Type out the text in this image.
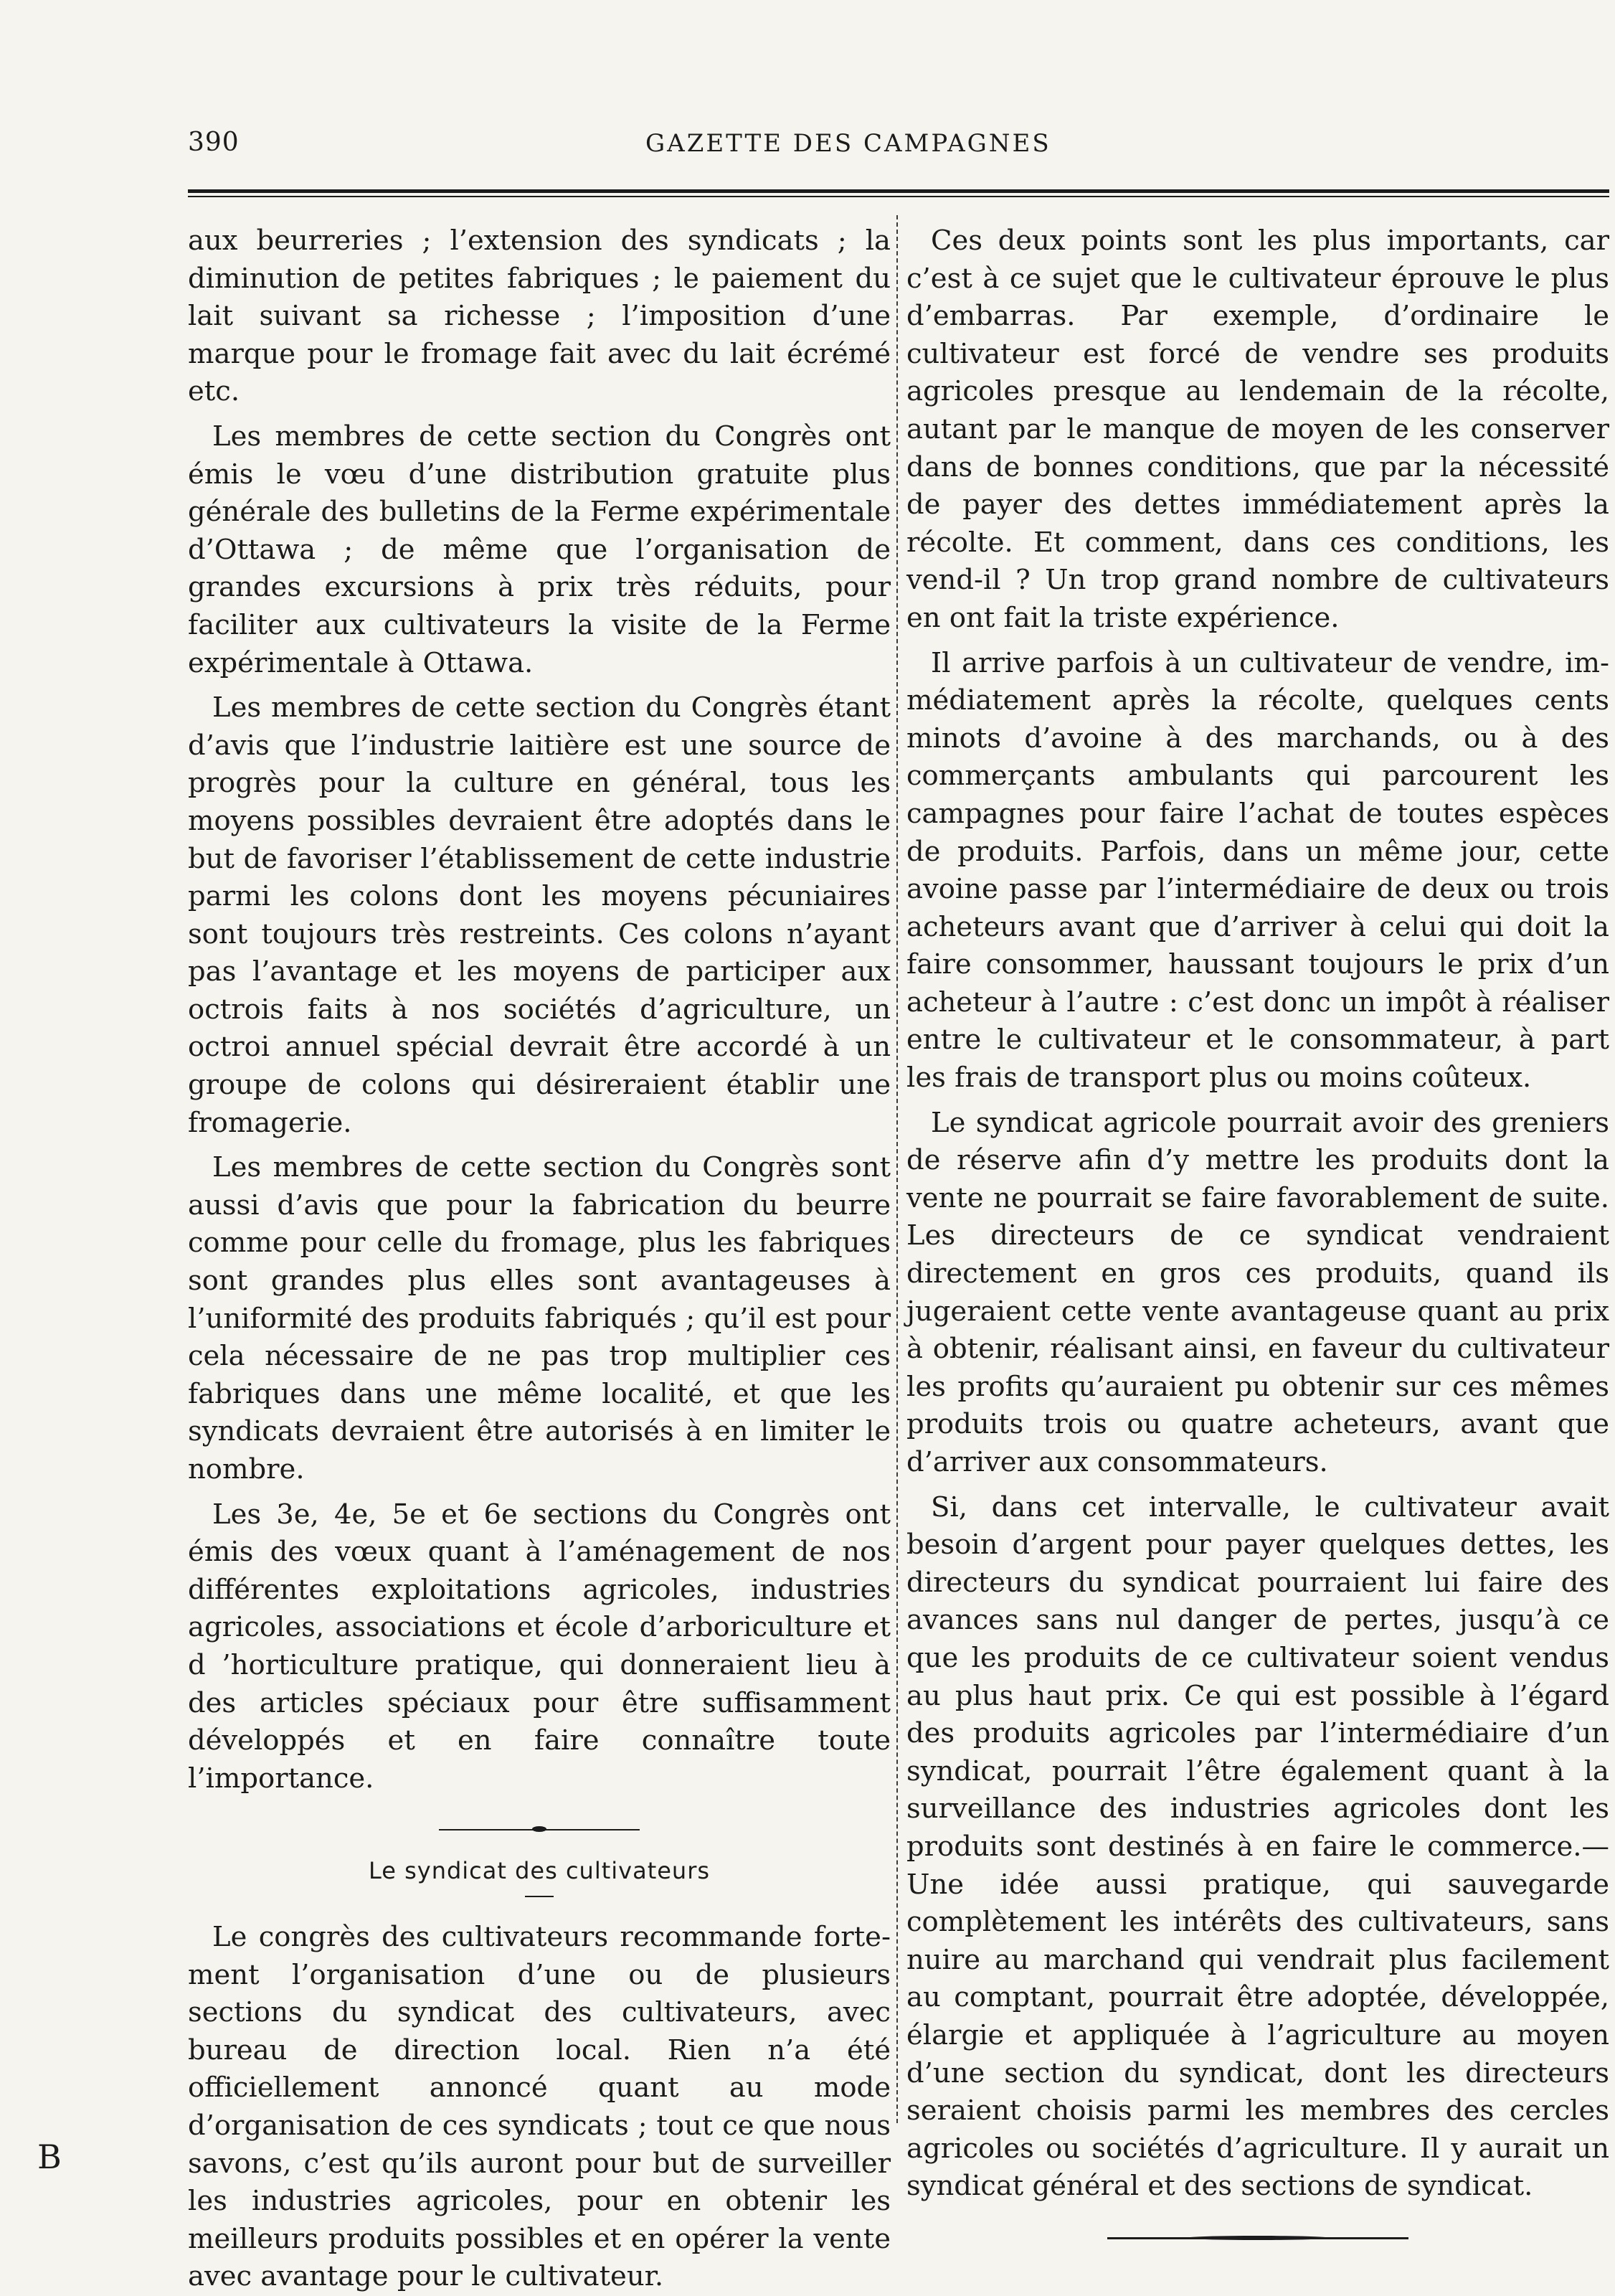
390	GAZETTE DES CAMPAGNES

aux beurreries ; l’extension des syndicats ; la diminution de petites fabriques ; le paiement du lait suivant sa richesse ; l’imposition d’une marque pour le fromage fait avec du lait écrémé etc.

Les membres de cette section du Congrès ont émis le vœu d’une distribution gratuite plus générale des bulletins de la Ferme expérimentale d’Ottawa ; de même que l’organisation de grandes excursions à prix très réduits, pour faciliter aux cultivateurs la visite de la Ferme expérimentale à Ottawa.

Les membres de cette section du Congrès étant d’avis que l’industrie laitière est une source de progrès pour la culture en général, tous les moyens possibles devraient être adoptés dans le but de favoriser l’établissement de cette industrie parmi les colons dont les moyens pécuniaires sont toujours très restreints. Ces colons n’ayant pas l’avantage et les moyens de participer aux octrois faits à nos sociétés d’agriculture, un octroi annuel spécial devrait être accordé à un groupe de colons qui désireraient établir une fromagerie.

Les membres de cette section du Congrès sont aussi d’avis que pour la fabrication du beurre comme pour celle du fromage, plus les fabriques sont grandes plus elles sont avantageuses à l’uniformité des produits fabriqués ; qu’il est pour cela nécessaire de ne pas trop multiplier ces fabriques dans une même localité, et que les syndicats devraient être autorisés à en limiter le nombre.

Les 3e, 4e, 5e et 6e sections du Congrès ont émis des vœux quant à l’aménagement de nos différentes exploitations agricoles, industries agricoles, associations et école d’arboriculture et d ’horticulture pratique, qui donneraient lieu à des articles spéciaux pour être suffisamment développés et en faire connaître toute l’importance.

Le syndicat des cultivateurs

Le congrès des cultivateurs recommande fortement l’organisation d’une ou de plusieurs sections du syndicat des cultivateurs, avec bureau de direction local. Rien n’a été officiellement annoncé quant au mode d’organisation de ces syndicats ; tout ce que nous savons, c’est qu’ils auront pour but de surveiller les industries agricoles, pour en obtenir les meilleurs produits possibles et en opérer la vente avec avantage pour le cultivateur.

Ces deux points sont les plus importants, car c’est à ce sujet que le cultivateur éprouve le plus d’embarras. Par exemple, d’ordinaire le cultivateur est forcé de vendre ses produits agricoles presque au lendemain de la récolte, autant par le manque de moyen de les conserver dans de bonnes conditions, que par la nécessité de payer des dettes immédiatement après la récolte. Et comment, dans ces conditions, les vend-il ? Un trop grand nombre de cultivateurs en ont fait la triste expérience.

Il arrive parfois à un cultivateur de vendre, immédiatement après la récolte, quelques cents minots d’avoine à des marchands, ou à des commerçants ambulants qui parcourent les campagnes pour faire l’achat de toutes espèces de produits. Parfois, dans un même jour, cette avoine passe par l’intermédiaire de deux ou trois acheteurs avant que d’arriver à celui qui doit la faire consommer, haussant toujours le prix d’un acheteur à l’autre : c’est donc un impôt à réaliser entre le cultivateur et le consommateur, à part les frais de transport plus ou moins coûteux.

Le syndicat agricole pourrait avoir des greniers de réserve afin d’y mettre les produits dont la vente ne pourrait se faire favorablement de suite. Les directeurs de ce syndicat vendraient directement en gros ces produits, quand ils jugeraient cette vente avantageuse quant au prix à obtenir, réalisant ainsi, en faveur du cultivateur les profits qu’auraient pu obtenir sur ces mêmes produits trois ou quatre acheteurs, avant que d’arriver aux consommateurs.

Si, dans cet intervalle, le cultivateur avait besoin d’argent pour payer quelques dettes, les directeurs du syndicat pourraient lui faire des avances sans nul danger de pertes, jusqu’à ce que les produits de ce cultivateur soient vendus au plus haut prix. Ce qui est possible à l’égard des produits agricoles par l’intermédiaire d’un syndicat, pourrait l’être également quant à la surveillance des industries agricoles dont les produits sont destinés à en faire le commerce.—Une idée aussi pratique, qui sauvegarde complètement les intérêts des cultivateurs, sans nuire au marchand qui vendrait plus facilement au comptant, pourrait être adoptée, développée, élargie et appliquée à l’agriculture au moyen d’une section du syndicat, dont les directeurs seraient choisis parmi les membres des cercles agricoles ou sociétés d’agriculture. Il y aurait un syndicat général et des sections de syndicat.

B
